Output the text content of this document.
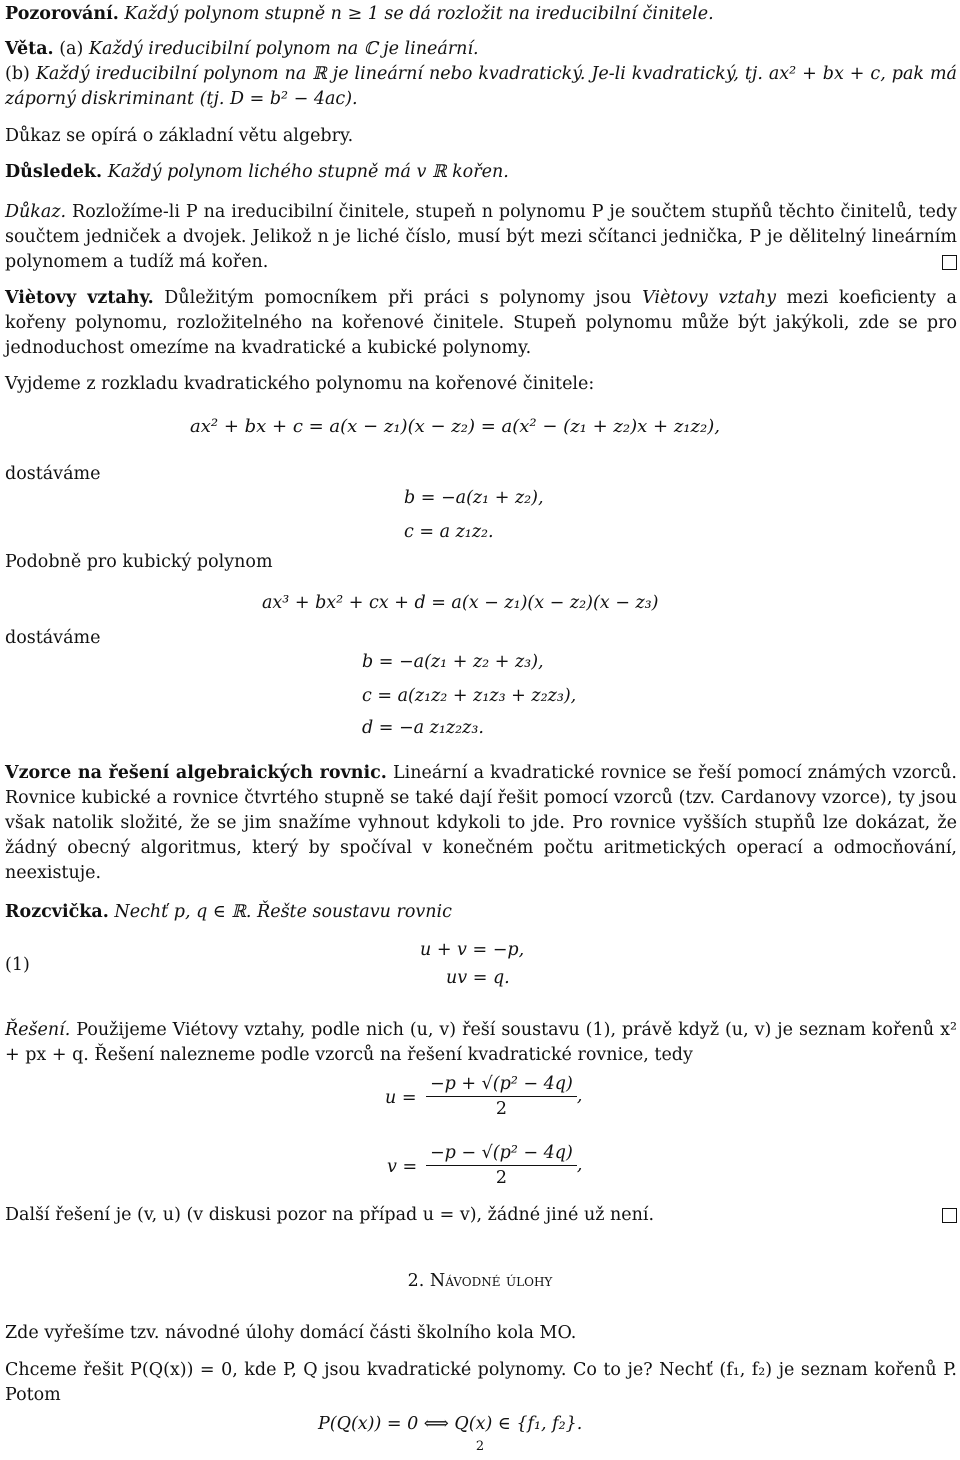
Pozorování. Každý polynom stupně n ≥ 1 se dá rozložit na ireducibilní činitele.

Věta. (a) Každý ireducibilní polynom na ℂ je lineární.

(b) Každý ireducibilní polynom na ℝ je lineární nebo kvadratický. Je-li kvadratický, tj. ax² + bx + c, pak má záporný diskriminant (tj. D = b² − 4ac).

Důkaz se opírá o základní větu algebry.

Důsledek. Každý polynom lichého stupně má v ℝ kořen.

Důkaz. Rozložíme-li P na ireducibilní činitele, stupeň n polynomu P je součtem stupňů těchto činitelů, tedy součtem jedniček a dvojek. Jelikož n je liché číslo, musí být mezi sčítanci jednička, P je dělitelný lineárním polynomem a tudíž má kořen.

Viètovy vztahy. Důležitým pomocníkem při práci s polynomy jsou Viètovy vztahy mezi koeficienty a kořeny polynomu, rozložitelného na kořenové činitele. Stupeň polynomu může být jakýkoli, zde se pro jednoduchost omezíme na kvadratické a kubické polynomy.

Vyjdeme z rozkladu kvadratického polynomu na kořenové činitele:

ax² + bx + c = a(x − z₁)(x − z₂) = a(x² − (z₁ + z₂)x + z₁z₂),

dostáváme

b = −a(z₁ + z₂),
c = a z₁z₂.

Podobně pro kubický polynom

ax³ + bx² + cx + d = a(x − z₁)(x − z₂)(x − z₃)

dostáváme

b = −a(z₁ + z₂ + z₃),
c = a(z₁z₂ + z₁z₃ + z₂z₃),
d = −a z₁z₂z₃.

Vzorce na řešení algebraických rovnic. Lineární a kvadratické rovnice se řeší pomocí známých vzorců. Rovnice kubické a rovnice čtvrtého stupně se také dají řešit pomocí vzorců (tzv. Cardanovy vzorce), ty jsou však natolik složité, že se jim snažíme vyhnout kdykoli to jde. Pro rovnice vyšších stupňů lze dokázat, že žádný obecný algoritmus, který by spočíval v konečném počtu aritmetických operací a odmocňování, neexistuje.

Rozcvička. Nechť p, q ∈ ℝ. Řešte soustavu rovnic

(1)

u + v = −p,
uv = q.

Řešení. Použijeme Viétovy vztahy, podle nich (u, v) řeší soustavu (1), právě když (u, v) je seznam kořenů x² + px + q. Řešení nalezneme podle vzorců na řešení kvadratické rovnice, tedy

$u = \frac{\text{−p + √(p² − 4q)}}{2}$ ,
$v = \frac{\text{−p − √(p² − 4q)}}{2}$ ,

Další řešení je (v, u) (v diskusi pozor na případ u = v), žádné jiné už není.

2. Návodné úlohy

Zde vyřešíme tzv. návodné úlohy domácí části školního kola MO.

Chceme řešit P(Q(x)) = 0, kde P, Q jsou kvadratické polynomy. Co to je? Nechť (f₁, f₂) je seznam kořenů P. Potom

P(Q(x)) = 0 ⟺ Q(x) ∈ {f₁, f₂}.
2
